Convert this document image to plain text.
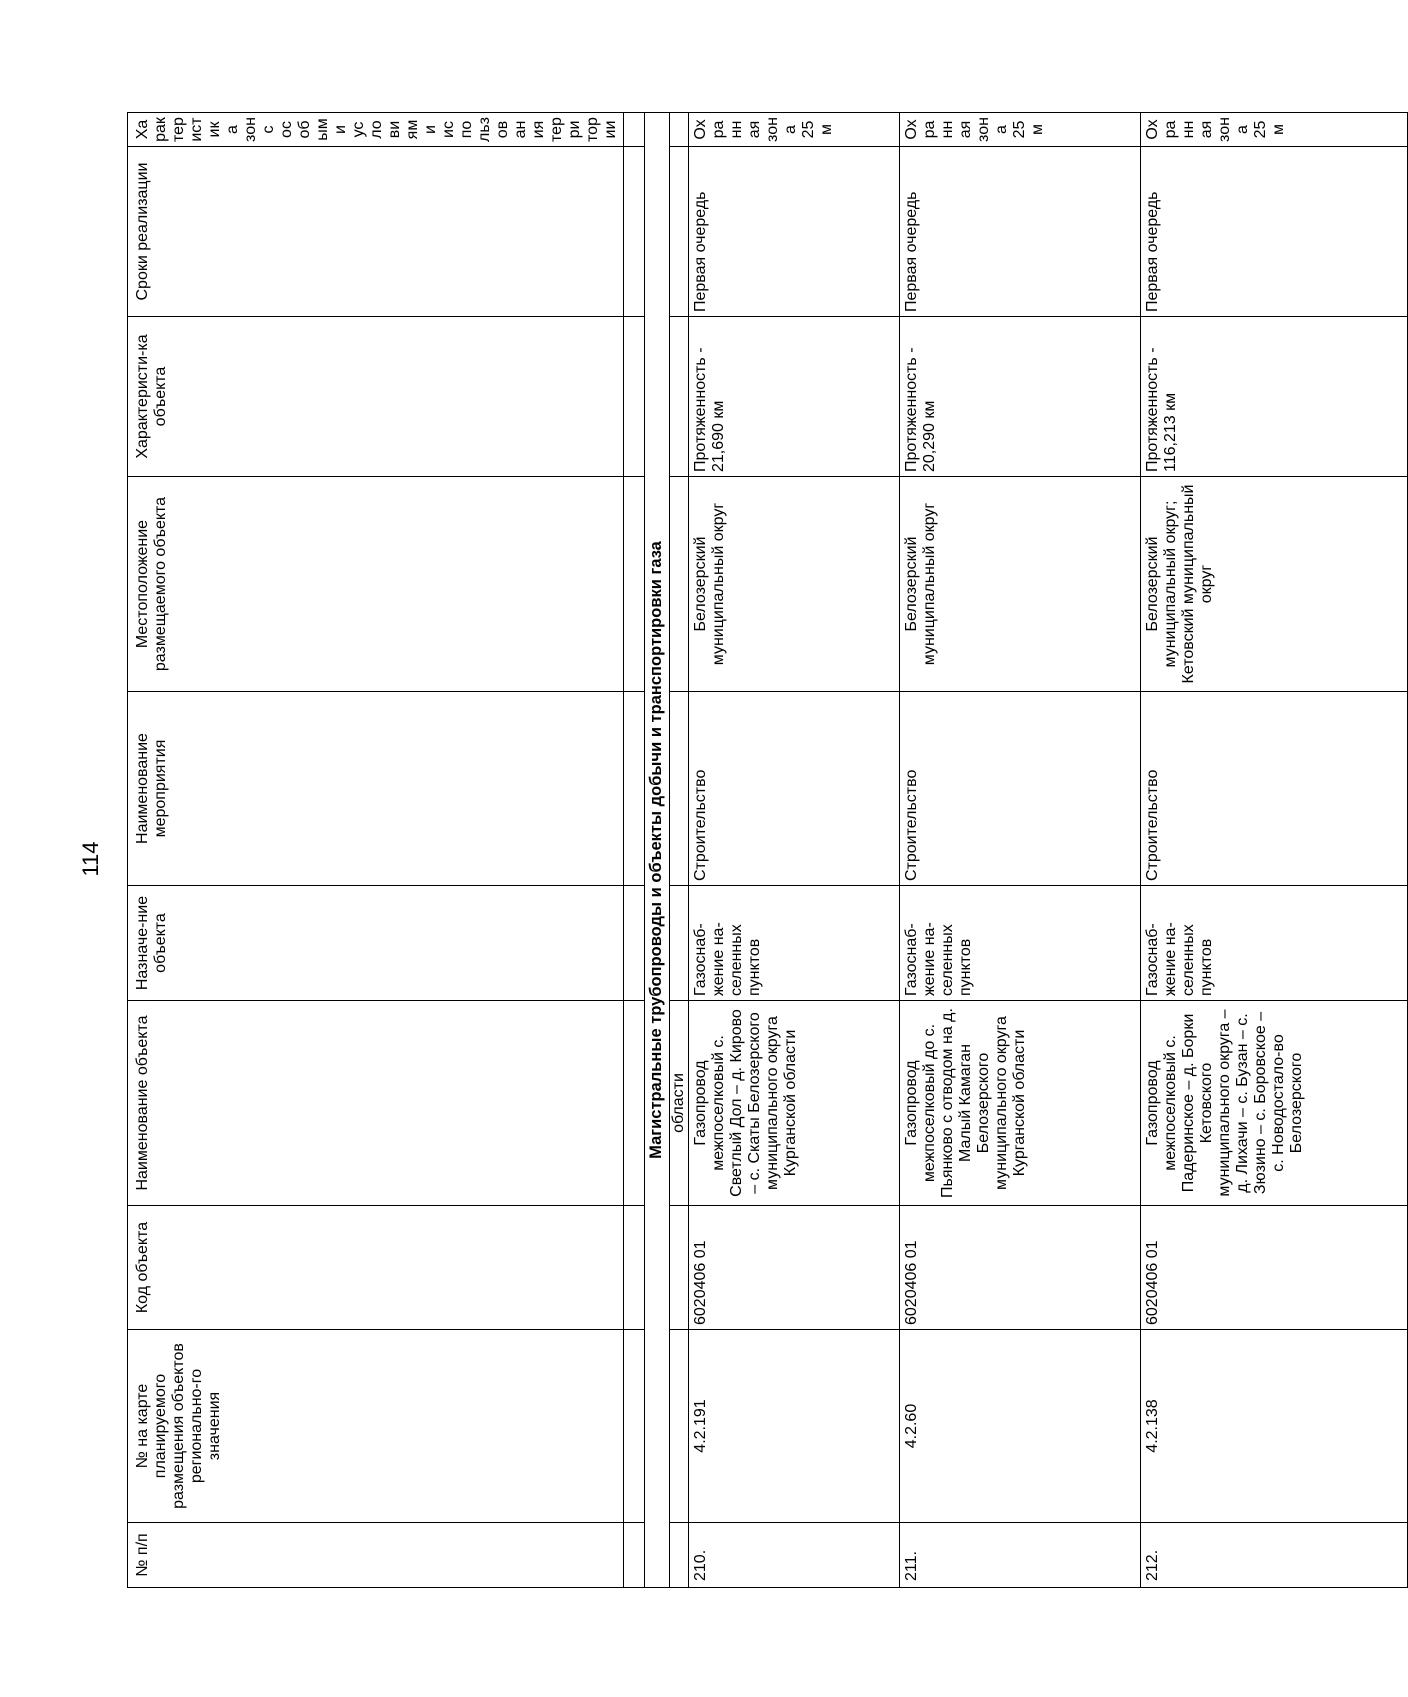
114
№ п/п	№ на карте планируемого размещения объектов регионально-го значения	Код объекта	Наименование объекта	Назначе-ние объекта	Наименование мероприятия	Местоположение размещаемого объекта	Характеристи-ка объекта	Сроки реализации	Характеристика зон с особыми условиями использования территории

Магистральные трубопроводы и объекты добычи и транспортировки газа									
			области						
210.	4.2.191	6020406 01	Газопровод межпоселковый с. Светлый Дол – д. Кирово – с. Скаты Белозерского муниципального округа Курганской области	Газоснаб-жение на-селенных пунктов	Строительство	Белозерский муниципальный округ	Протяженность - 21,690 км	Первая очередь	Охранная зона 25 м
211.	4.2.60	6020406 01	Газопровод межпоселковый до с. Пьянково с отводом на д. Малый Камаган Белозерского муниципального округа Курганской области	Газоснаб-жение на-селенных пунктов	Строительство	Белозерский муниципальный округ	Протяженность - 20,290 км	Первая очередь	Охранная зона 25 м
212.	4.2.138	6020406 01	Газопровод межпоселковый с. Падеринское – д. Борки Кетовского муниципального округа – д. Лихачи – с. Бузан – с. Зюзино – с. Боровское – с. Новодостало-во Белозерского	Газоснаб-жение на-селенных пунктов	Строительство	Белозерский муниципальный округ; Кетовский муниципальный округ	Протяженность - 116,213 км	Первая очередь	Охранная зона 25 м
